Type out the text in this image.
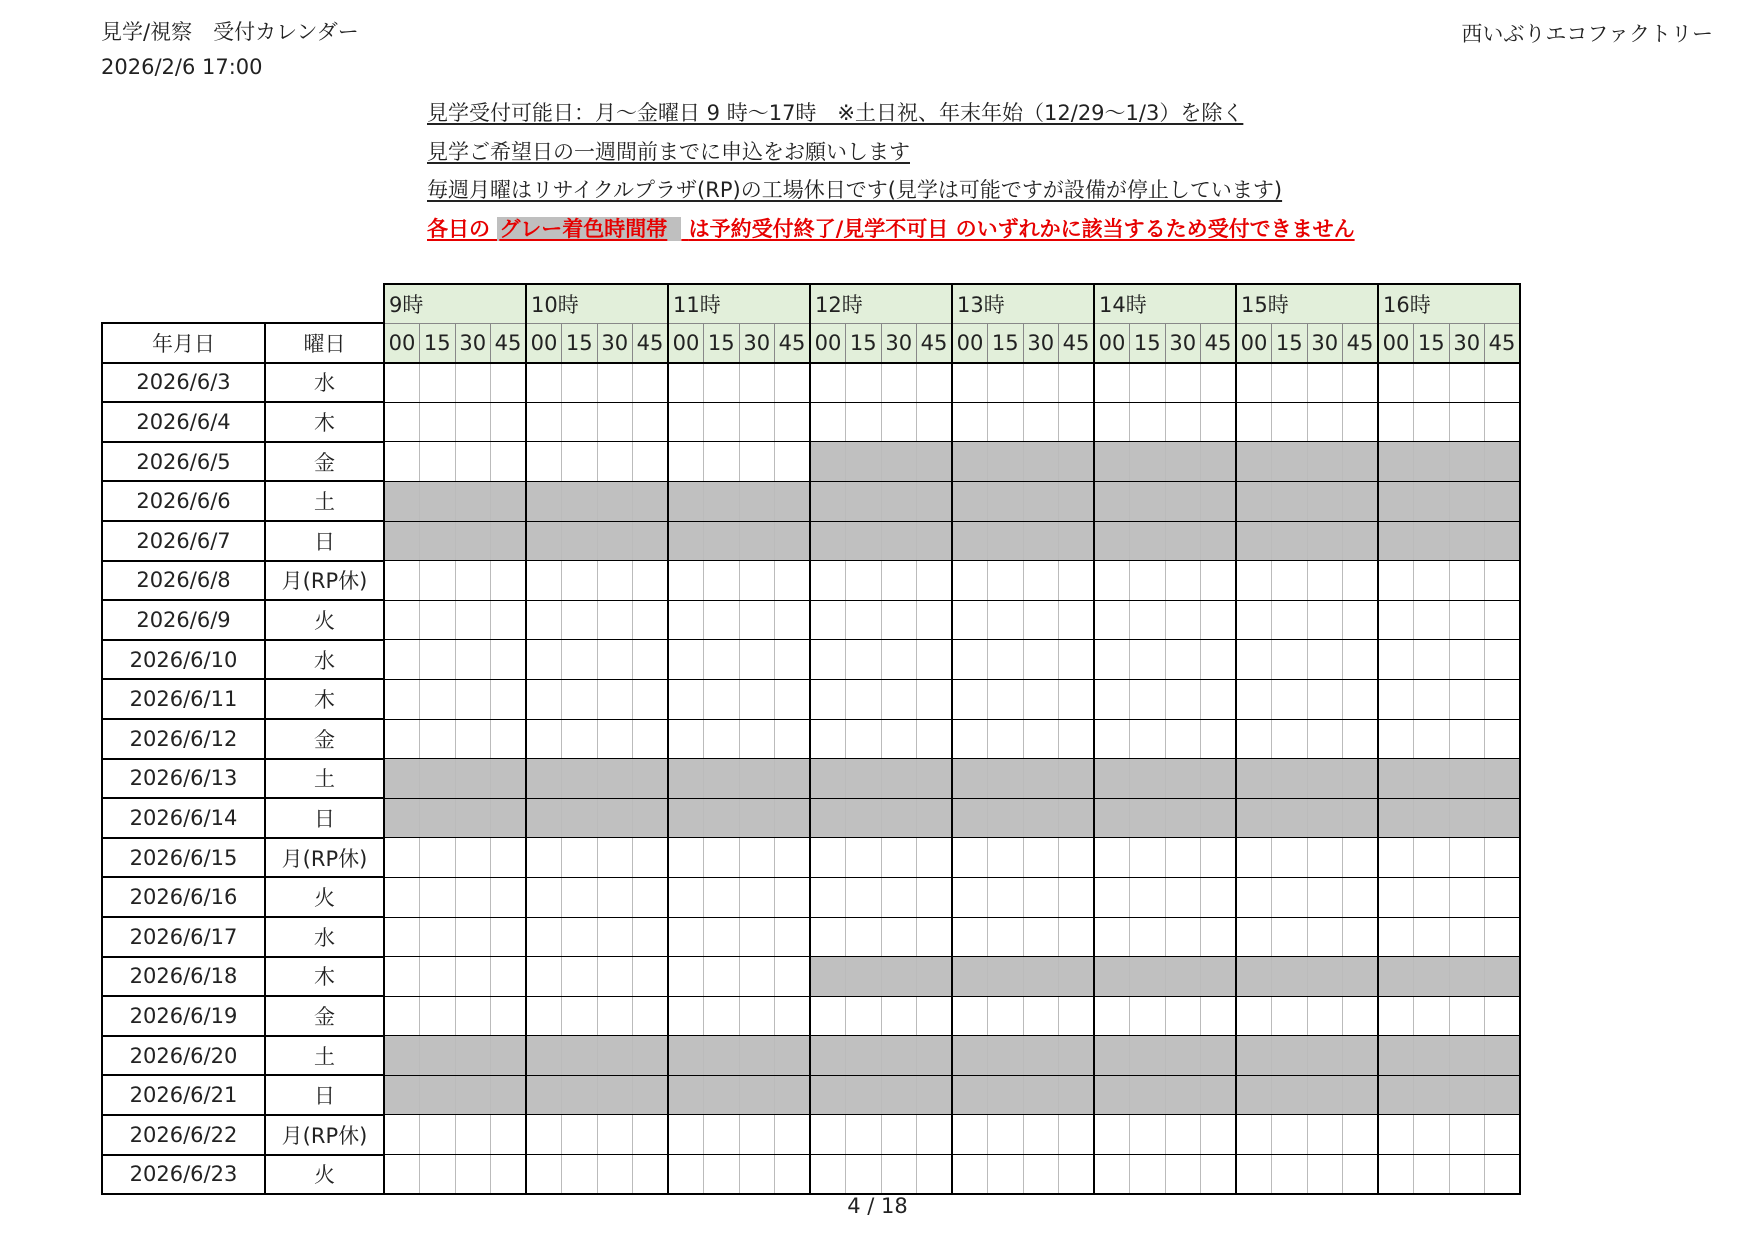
見学/視察　受付カレンダー
2026/2/6 17:00
西いぶりエコファクトリー
見学受付可能日：月〜金曜日 9 時〜17時　※土日祝、年末年始（12/29〜1/3）を除く
見学ご希望日の一週間前までに申込をお願いします
毎週月曜はリサイクルプラザ(RP)の工場休日です(見学は可能ですが設備が停止しています)
各日の グレー着色時間帯 は予約受付終了/見学不可日 のいずれかに該当するため受付できません
		9時				10時				11時				12時				13時				14時				15時				16時			
年月日	曜日	00	15	30	45	00	15	30	45	00	15	30	45	00	15	30	45	00	15	30	45	00	15	30	45	00	15	30	45	00	15	30	45
2026/6/3	水																																
2026/6/4	木																																
2026/6/5	金																																
2026/6/6	土																																
2026/6/7	日																																
2026/6/8	月(RP休)																																
2026/6/9	火																																
2026/6/10	水																																
2026/6/11	木																																
2026/6/12	金																																
2026/6/13	土																																
2026/6/14	日																																
2026/6/15	月(RP休)																																
2026/6/16	火																																
2026/6/17	水																																
2026/6/18	木																																
2026/6/19	金																																
2026/6/20	土																																
2026/6/21	日																																
2026/6/22	月(RP休)																																
2026/6/23	火																																
4 / 18
